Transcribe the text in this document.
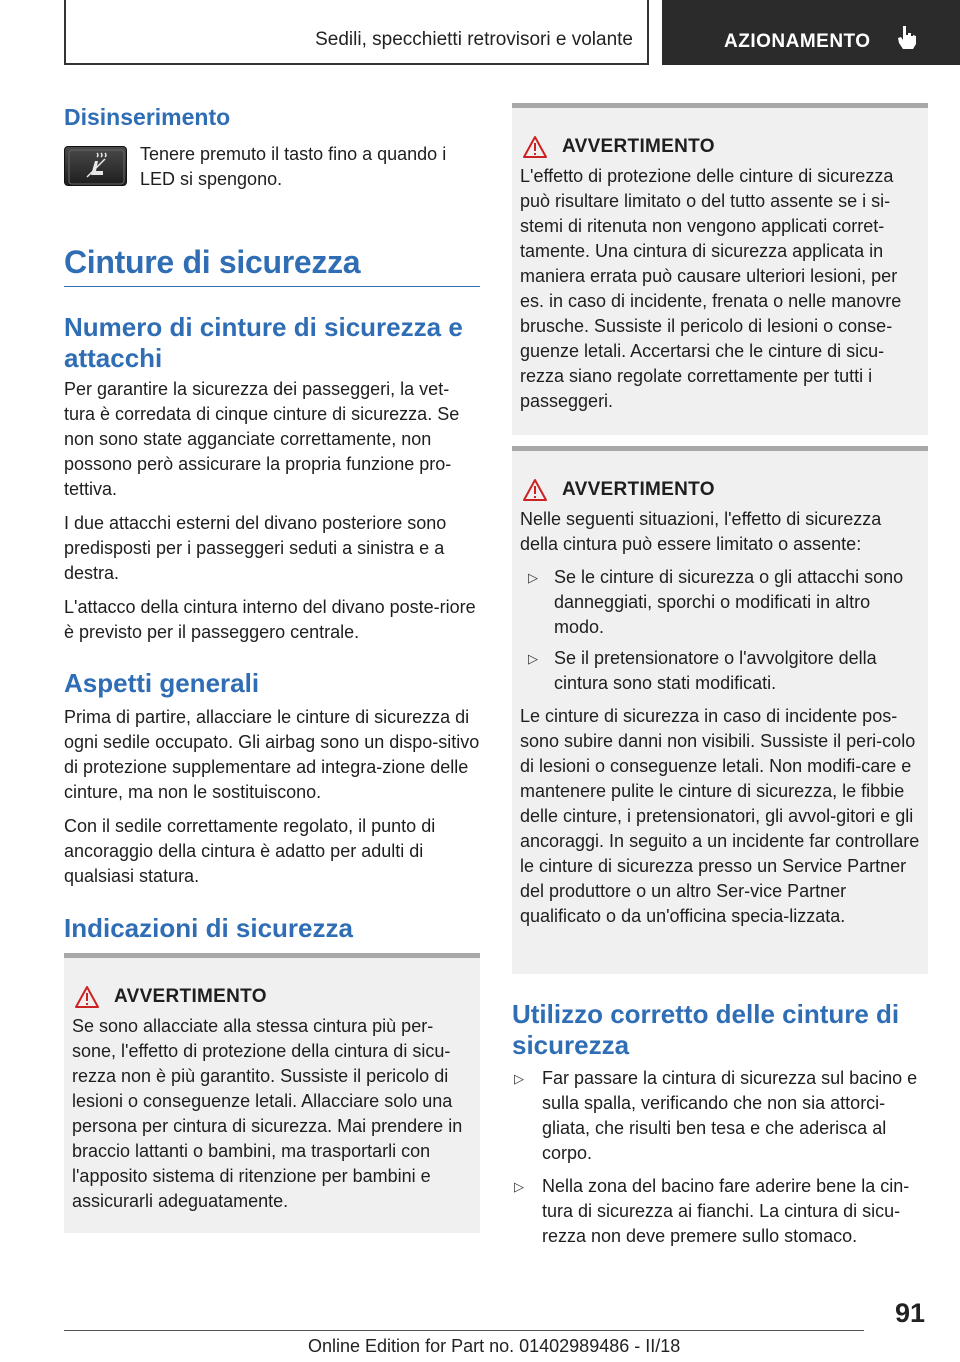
Sedili, specchietti retrovisori e volante	AZIONAMENTO
Disinserimento
Tenere premuto il tasto fino a quando i LED si spengono.
Cinture di sicurezza
Numero di cinture di sicurezza e attacchi
Per garantire la sicurezza dei passeggeri, la vet-tura è corredata di cinque cinture di sicurezza. Se non sono state agganciate correttamente, non possono però assicurare la propria funzione pro-tettiva.
I due attacchi esterni del divano posteriore sono predisposti per i passeggeri seduti a sinistra e a destra.
L'attacco della cintura interno del divano poste-riore è previsto per il passeggero centrale.
Aspetti generali
Prima di partire, allacciare le cinture di sicurezza di ogni sedile occupato. Gli airbag sono un dispo-sitivo di protezione supplementare ad integra-zione delle cinture, ma non le sostituiscono.
Con il sedile correttamente regolato, il punto di ancoraggio della cintura è adatto per adulti di qualsiasi statura.
Indicazioni di sicurezza
AVVERTIMENTO
Se sono allacciate alla stessa cintura più per-sone, l'effetto di protezione della cintura di sicu-rezza non è più garantito. Sussiste il pericolo di lesioni o conseguenze letali. Allacciare solo una persona per cintura di sicurezza. Mai prendere in braccio lattanti o bambini, ma trasportarli con l'apposito sistema di ritenzione per bambini e assicurarli adeguatamente.
AVVERTIMENTO
L'effetto di protezione delle cinture di sicurezza può risultare limitato o del tutto assente se i si-stemi di ritenuta non vengono applicati corret-tamente. Una cintura di sicurezza applicata in maniera errata può causare ulteriori lesioni, per es. in caso di incidente, frenata o nelle manovre brusche. Sussiste il pericolo di lesioni o conse-guenze letali. Accertarsi che le cinture di sicu-rezza siano regolate correttamente per tutti i passeggeri.
AVVERTIMENTO
Nelle seguenti situazioni, l'effetto di sicurezza della cintura può essere limitato o assente:
▷ Se le cinture di sicurezza o gli attacchi sono danneggiati, sporchi o modificati in altro modo.
▷ Se il pretensionatore o l'avvolgitore della cintura sono stati modificati.
Le cinture di sicurezza in caso di incidente pos-sono subire danni non visibili. Sussiste il peri-colo di lesioni o conseguenze letali. Non modifi-care e mantenere pulite le cinture di sicurezza, le fibbie delle cinture, i pretensionatori, gli avvol-gitori e gli ancoraggi. In seguito a un incidente far controllare le cinture di sicurezza presso un Service Partner del produttore o un altro Ser-vice Partner qualificato o da un'officina specia-lizzata.
Utilizzo corretto delle cinture di sicurezza
▷ Far passare la cintura di sicurezza sul bacino e sulla spalla, verificando che non sia attorci-gliata, che risulti ben tesa e che aderisca al corpo.
▷ Nella zona del bacino fare aderire bene la cin-tura di sicurezza ai fianchi. La cintura di sicu-rezza non deve premere sullo stomaco.
91
Online Edition for Part no. 01402989486 - II/18
